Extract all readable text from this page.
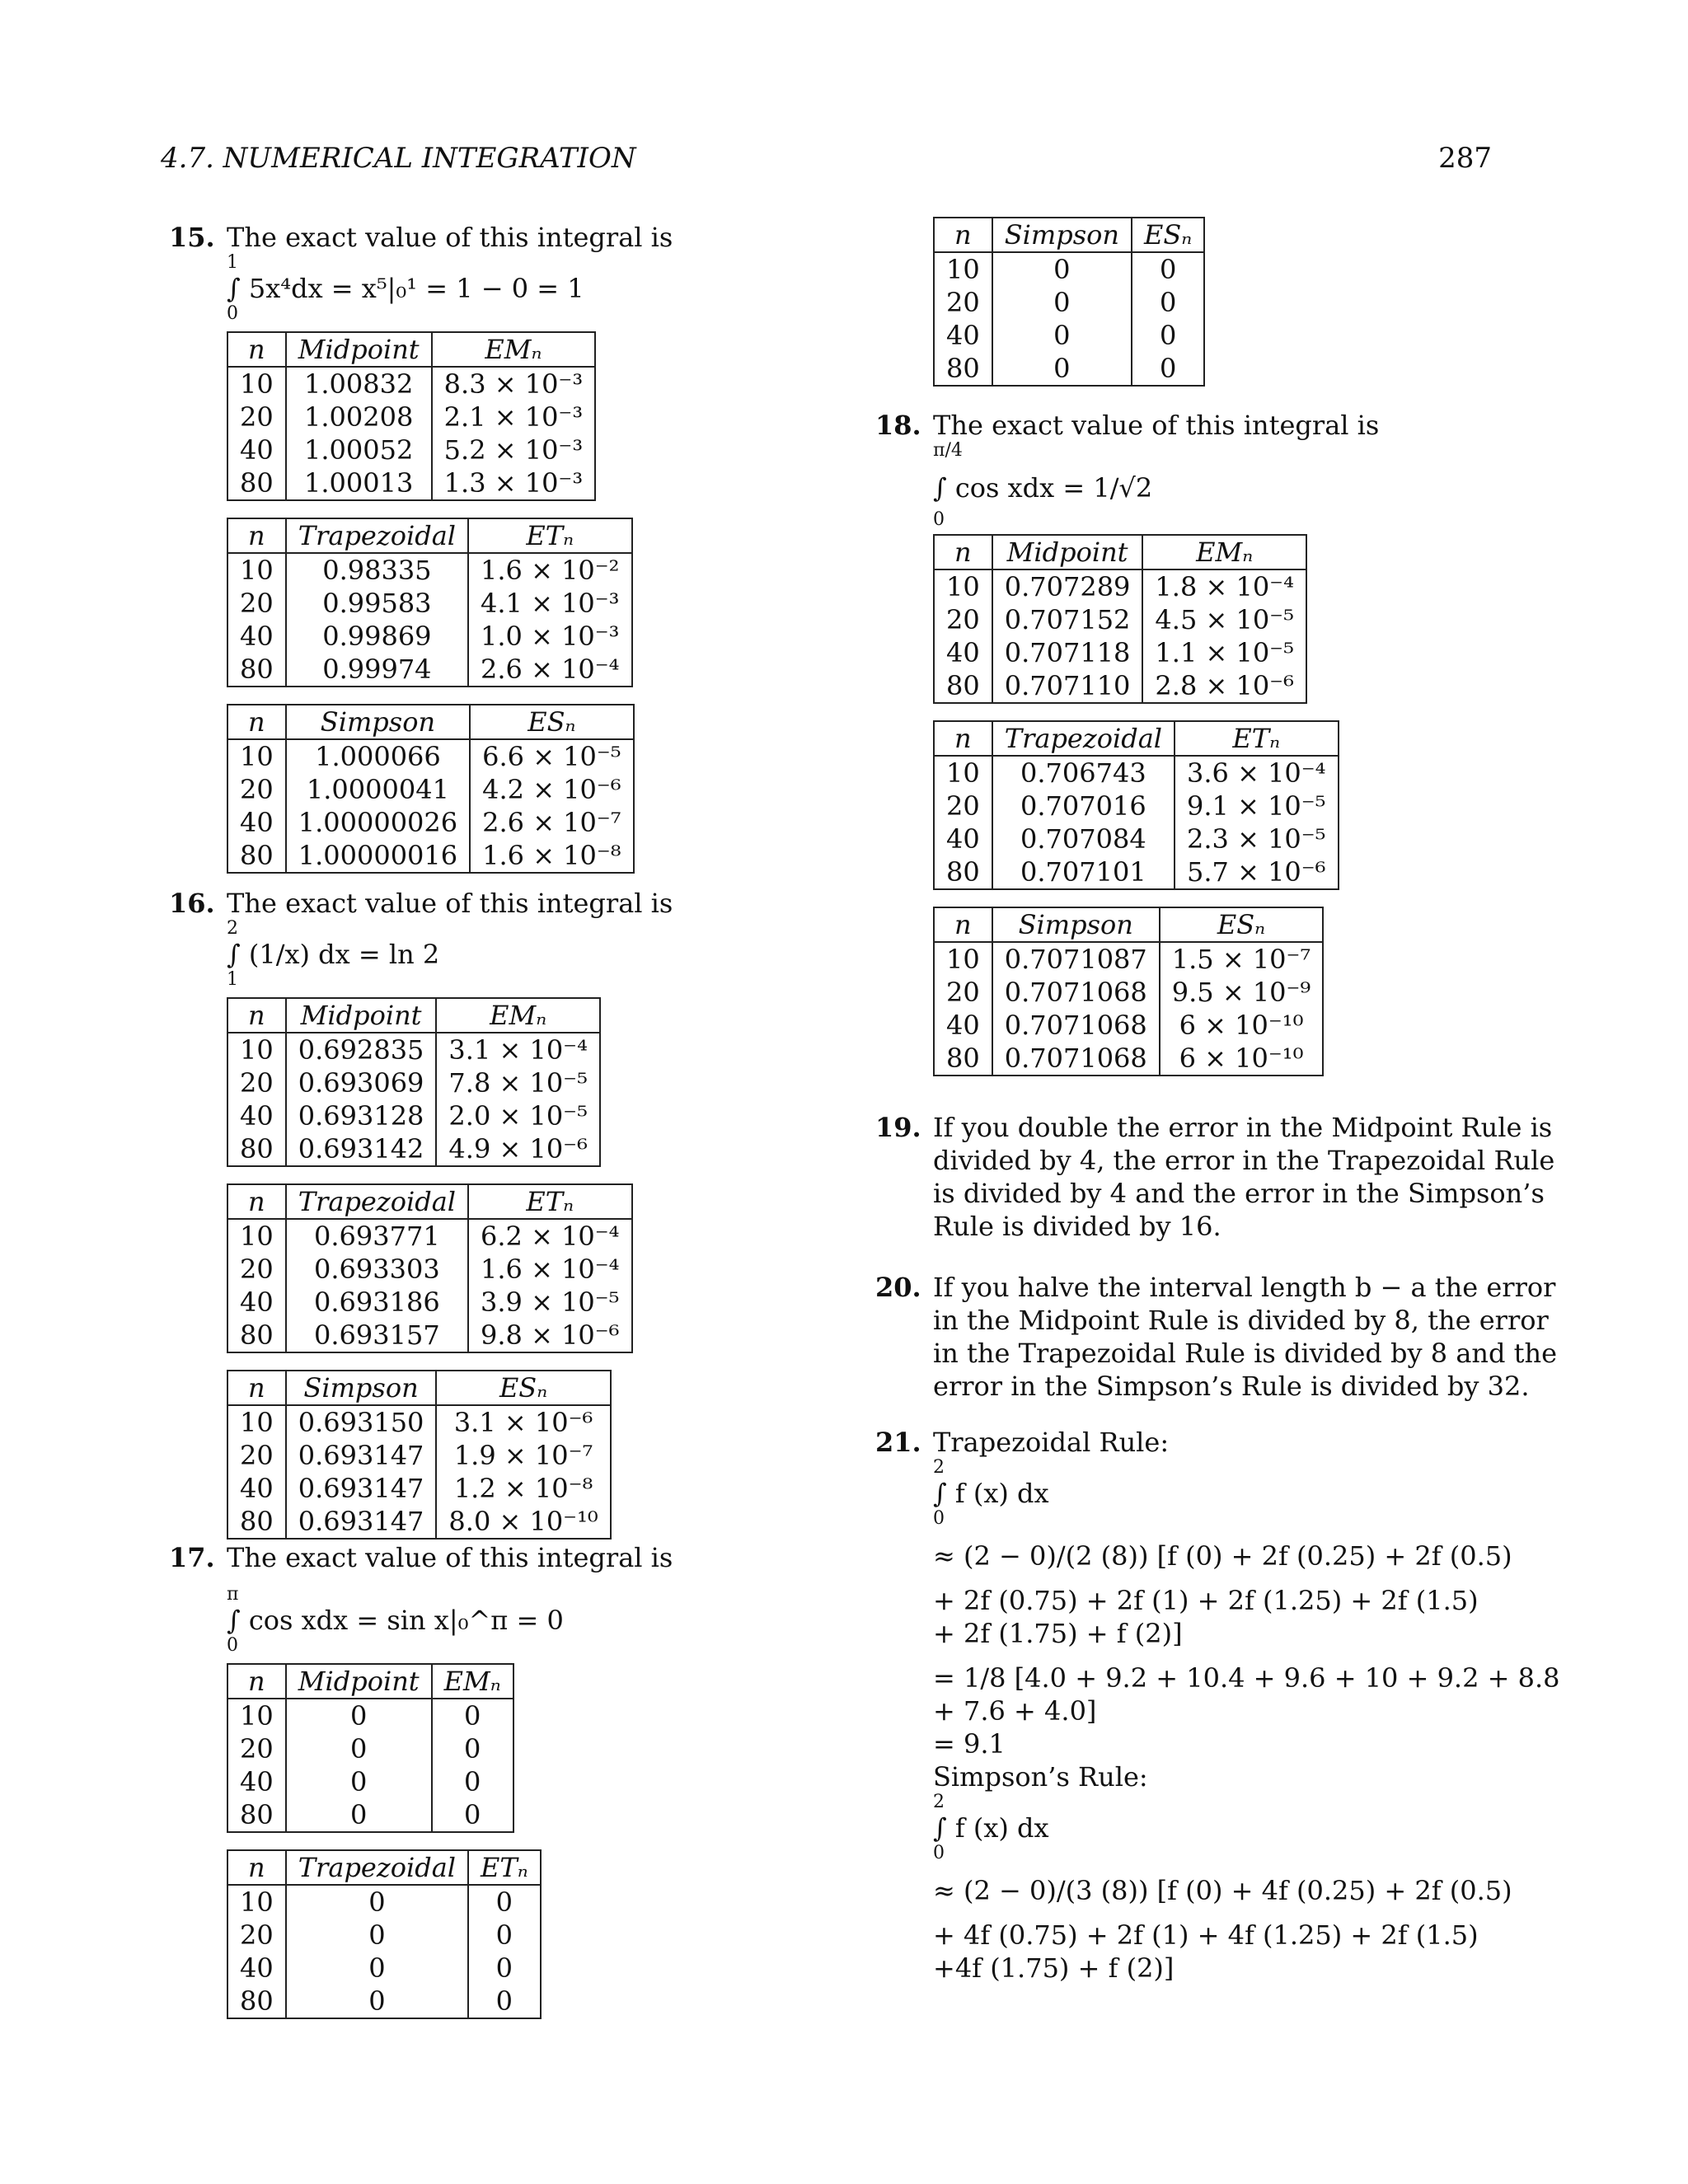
4.7. NUMERICAL INTEGRATION	287
15. The exact value of this integral is
1
∫ 5x⁴dx = x⁵|₀¹ = 1 − 0 = 1
0
n	Midpoint	EMₙ
10	1.00832	8.3 × 10⁻³
20	1.00208	2.1 × 10⁻³
40	1.00052	5.2 × 10⁻³
80	1.00013	1.3 × 10⁻³
n	Trapezoidal	ETₙ
10	0.98335	1.6 × 10⁻²
20	0.99583	4.1 × 10⁻³
40	0.99869	1.0 × 10⁻³
80	0.99974	2.6 × 10⁻⁴
n	Simpson	ESₙ
10	1.000066	6.6 × 10⁻⁵
20	1.0000041	4.2 × 10⁻⁶
40	1.00000026	2.6 × 10⁻⁷
80	1.00000016	1.6 × 10⁻⁸
16. The exact value of this integral is
2
∫ (1/x) dx = ln 2
1
n	Midpoint	EMₙ
10	0.692835	3.1 × 10⁻⁴
20	0.693069	7.8 × 10⁻⁵
40	0.693128	2.0 × 10⁻⁵
80	0.693142	4.9 × 10⁻⁶
n	Trapezoidal	ETₙ
10	0.693771	6.2 × 10⁻⁴
20	0.693303	1.6 × 10⁻⁴
40	0.693186	3.9 × 10⁻⁵
80	0.693157	9.8 × 10⁻⁶
n	Simpson	ESₙ
10	0.693150	3.1 × 10⁻⁶
20	0.693147	1.9 × 10⁻⁷
40	0.693147	1.2 × 10⁻⁸
80	0.693147	8.0 × 10⁻¹⁰
17. The exact value of this integral is
π
∫ cos xdx = sin x|₀^π = 0
0
n	Midpoint	EMₙ
10	0	0
20	0	0
40	0	0
80	0	0
n	Trapezoidal	ETₙ
10	0	0
20	0	0
40	0	0
80	0	0
n	Simpson	ESₙ
10	0	0
20	0	0
40	0	0
80	0	0
18. The exact value of this integral is
π/4
∫ cos xdx = 1/√2
0
n	Midpoint	EMₙ
10	0.707289	1.8 × 10⁻⁴
20	0.707152	4.5 × 10⁻⁵
40	0.707118	1.1 × 10⁻⁵
80	0.707110	2.8 × 10⁻⁶
n	Trapezoidal	ETₙ
10	0.706743	3.6 × 10⁻⁴
20	0.707016	9.1 × 10⁻⁵
40	0.707084	2.3 × 10⁻⁵
80	0.707101	5.7 × 10⁻⁶
n	Simpson	ESₙ
10	0.7071087	1.5 × 10⁻⁷
20	0.7071068	9.5 × 10⁻⁹
40	0.7071068	6 × 10⁻¹⁰
80	0.7071068	6 × 10⁻¹⁰
19. If you double the error in the Midpoint Rule is
divided by 4, the error in the Trapezoidal Rule
is divided by 4 and the error in the Simpson’s
Rule is divided by 16.
20. If you halve the interval length b − a the error
in the Midpoint Rule is divided by 8, the error
in the Trapezoidal Rule is divided by 8 and the
error in the Simpson’s Rule is divided by 32.
21. Trapezoidal Rule:
2
∫ f (x) dx
0
≈ (2 − 0)/(2 (8)) [f (0) + 2f (0.25) + 2f (0.5)
+ 2f (0.75) + 2f (1) + 2f (1.25) + 2f (1.5)
+ 2f (1.75) + f (2)]
= 1/8 [4.0 + 9.2 + 10.4 + 9.6 + 10 + 9.2 + 8.8
+ 7.6 + 4.0]
= 9.1
Simpson’s Rule:
2
∫ f (x) dx
0
≈ (2 − 0)/(3 (8)) [f (0) + 4f (0.25) + 2f (0.5)
+ 4f (0.75) + 2f (1) + 4f (1.25) + 2f (1.5)
+4f (1.75) + f (2)]
